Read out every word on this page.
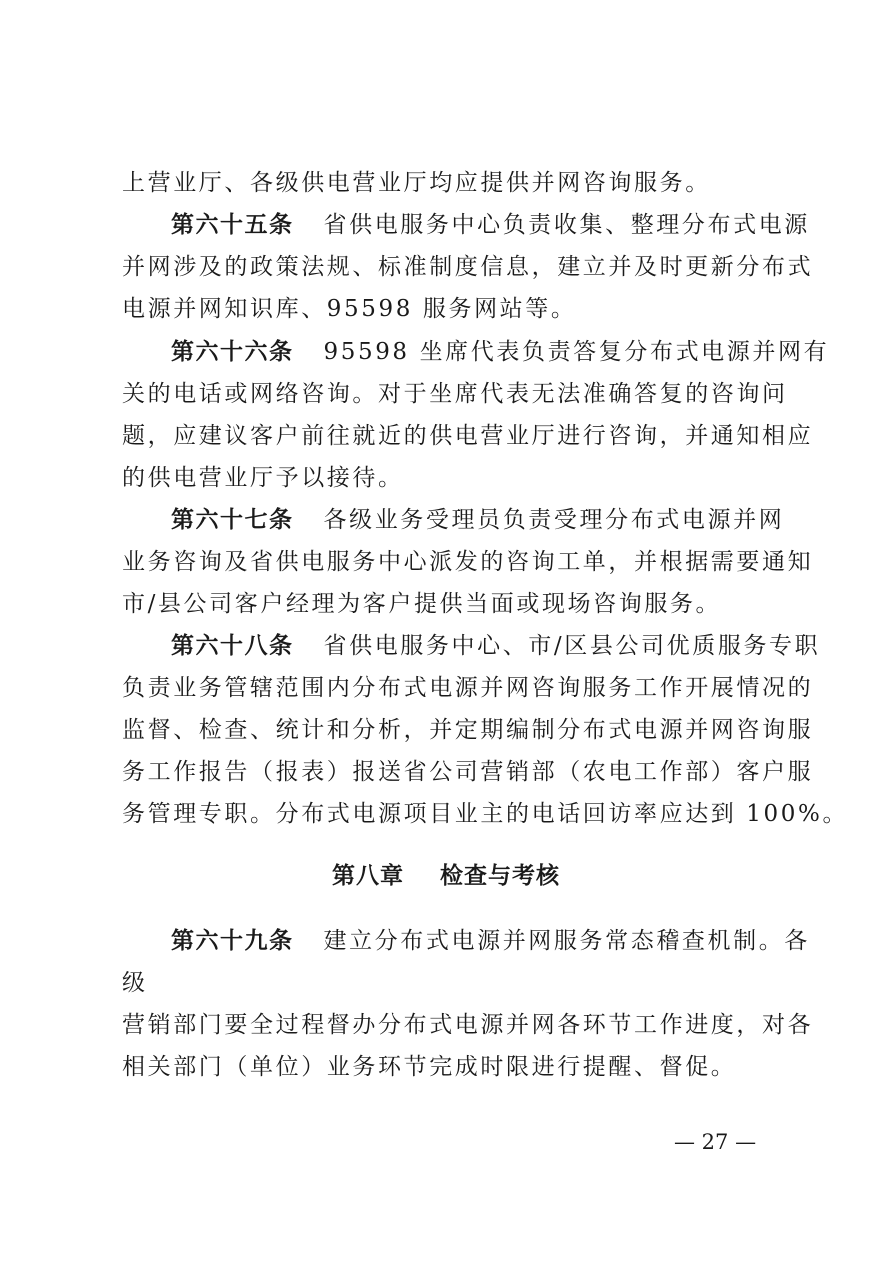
上营业厅、各级供电营业厅均应提供并网咨询服务。
第六十五条 省供电服务中心负责收集、整理分布式电源
并网涉及的政策法规、标准制度信息，建立并及时更新分布式
电源并网知识库、95598 服务网站等。
第六十六条 95598 坐席代表负责答复分布式电源并网有
关的电话或网络咨询。对于坐席代表无法准确答复的咨询问
题，应建议客户前往就近的供电营业厅进行咨询，并通知相应
的供电营业厅予以接待。
第六十七条 各级业务受理员负责受理分布式电源并网
业务咨询及省供电服务中心派发的咨询工单，并根据需要通知
市/县公司客户经理为客户提供当面或现场咨询服务。
第六十八条 省供电服务中心、市/区县公司优质服务专职
负责业务管辖范围内分布式电源并网咨询服务工作开展情况的
监督、检查、统计和分析，并定期编制分布式电源并网咨询服
务工作报告（报表）报送省公司营销部（农电工作部）客户服
务管理专职。分布式电源项目业主的电话回访率应达到 100%。
第八章 检查与考核
第六十九条 建立分布式电源并网服务常态稽查机制。各
级
营销部门要全过程督办分布式电源并网各环节工作进度，对各
相关部门（单位）业务环节完成时限进行提醒、督促。
— 27 —
